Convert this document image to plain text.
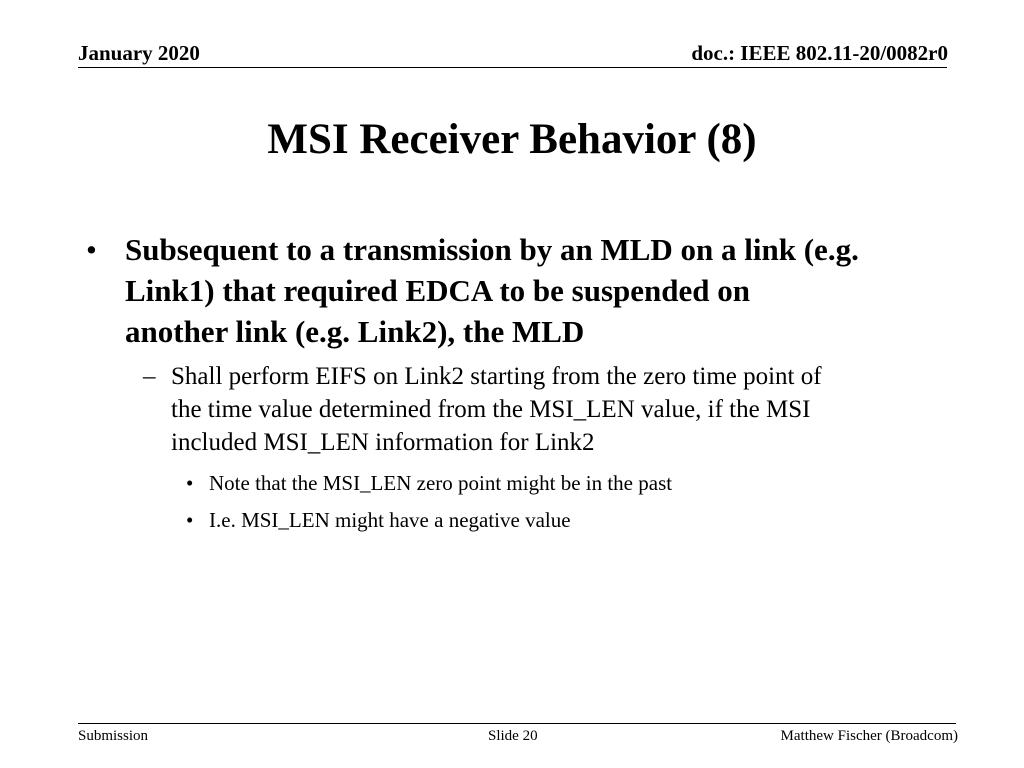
January 2020	doc.: IEEE 802.11-20/0082r0
MSI Receiver Behavior (8)
• Subsequent to a transmission by an MLD on a link (e.g.
Link1) that required EDCA to be suspended on
another link (e.g. Link2), the MLD
– Shall perform EIFS on Link2 starting from the zero time point of
the time value determined from the MSI_LEN value, if the MSI
included MSI_LEN information for Link2
• Note that the MSI_LEN zero point might be in the past
• I.e. MSI_LEN might have a negative value
Submission	Slide 20	Matthew Fischer (Broadcom)
